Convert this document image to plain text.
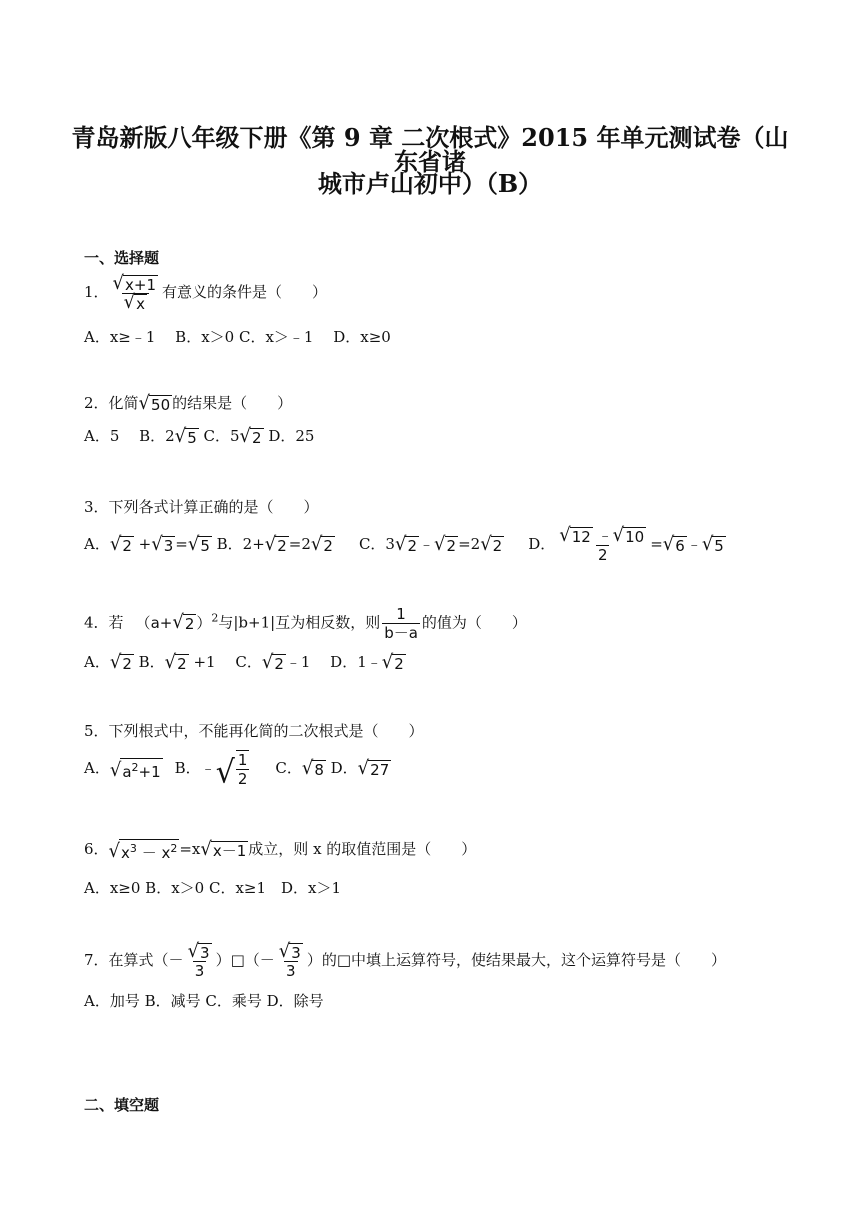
青岛新版八年级下册《第 9 章 二次根式》2015 年单元测试卷（山东省诸
城市卢山初中）（B）
一、选择题
1． $\frac{√ x+1}{√ x}$ 有意义的条件是（　　）
A．x≥﹣1　 B．x＞0 C．x＞﹣1　 D．x≥0
2．化简 √ 50 的结果是（　　）
A．5　 B．2 √ 5 C．5 √ 2 D．25
3．下列各式计算正确的是（　　）
A． √ 2 + √ 3 = √ 5 B．2+ √ 2 =2 √ 2 C．3 √ 2 ﹣ √ 2 =2 √ 2 D． $\frac{√ 12 ﹣ √ 10}{2}$ = √ 6 ﹣ √ 5
4．若 （a+ √ 2 ）$^2$与|b+1|互为相反数，则 $\frac{1}{b-a}$ 的值为（　　）
A． √ 2 B． √ 2 +1　 C． √ 2 ﹣1　 D．1﹣ √ 2
5．下列根式中，不能再化简的二次根式是（　　）
A． √ $a^2+1$ B．﹣ √ $\frac{1}{2}$ C． √ 8 D． √ 27
6． √ $x^3 - x^2 =x$ √ x－1 成立，则 x 的取值范围是（　　）
A．x≥0 B．x＞0 C．x≥1　D．x＞1
7．在算式（－ $\frac{√ 3}{3}$ ）□（－ $\frac{√ 3}{3}$ ）的□中填上运算符号，使结果最大，这个运算符号是（　　）
A．加号 B．减号 C．乘号 D．除号
二、填空题
